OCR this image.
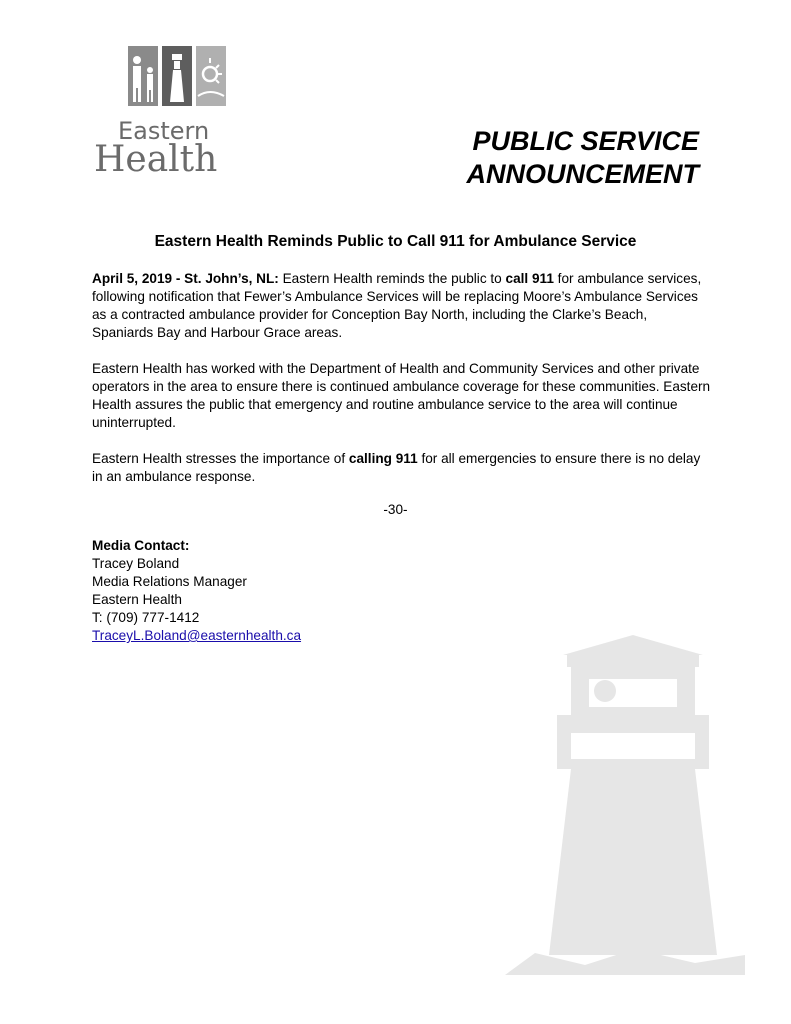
Eastern
Health	PUBLIC SERVICE
ANNOUNCEMENT
Eastern Health Reminds Public to Call 911 for Ambulance Service

April 5, 2019 - St. John’s, NL: Eastern Health reminds the public to call 911 for ambulance services, following notification that Fewer’s Ambulance Services will be replacing Moore’s Ambulance Services as a contracted ambulance provider for Conception Bay North, including the Clarke’s Beach, Spaniards Bay and Harbour Grace areas.

Eastern Health has worked with the Department of Health and Community Services and other private operators in the area to ensure there is continued ambulance coverage for these communities. Eastern Health assures the public that emergency and routine ambulance service to the area will continue uninterrupted.

Eastern Health stresses the importance of calling 911 for all emergencies to ensure there is no delay in an ambulance response.

-30-
Media Contact:
Tracey Boland
Media Relations Manager
Eastern Health
T: (709) 777-1412
TraceyL.Boland@easternhealth.ca
